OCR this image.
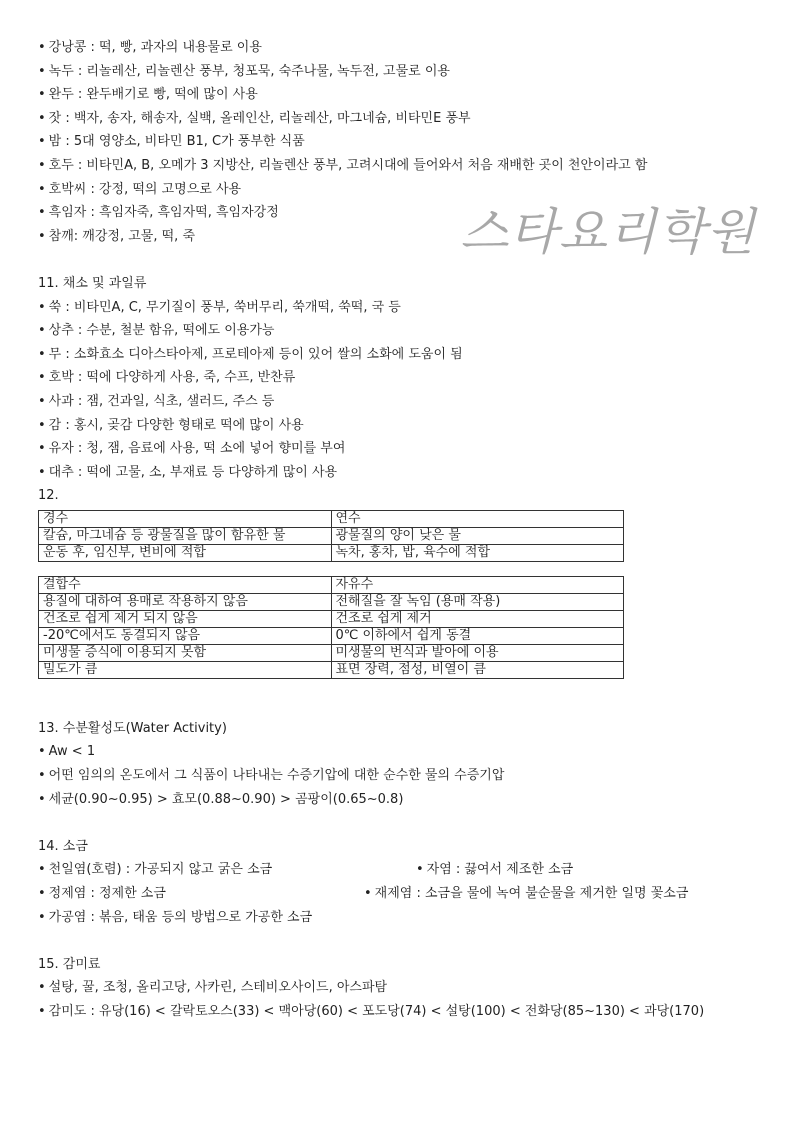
스타요리학원
• 강낭콩 : 떡, 빵, 과자의 내용물로 이용
• 녹두 : 리놀레산, 리놀렌산 풍부, 청포묵, 숙주나물, 녹두전, 고물로 이용
• 완두 : 완두배기로 빵, 떡에 많이 사용
• 잣 : 백자, 송자, 해송자, 실백, 올레인산, 리놀레산, 마그네슘, 비타민E 풍부
• 밤 : 5대 영양소, 비타민 B1, C가 풍부한 식품
• 호두 : 비타민A, B, 오메가 3 지방산, 리놀렌산 풍부, 고려시대에 들어와서 처음 재배한 곳이 천안이라고 함
• 호박씨 : 강정, 떡의 고명으로 사용
• 흑임자 : 흑임자죽, 흑임자떡, 흑임자강정
• 참깨: 깨강정, 고물, 떡, 죽
11. 채소 및 과일류
• 쑥 : 비타민A, C, 무기질이 풍부, 쑥버무리, 쑥개떡, 쑥떡, 국 등
• 상추 : 수분, 철분 함유, 떡에도 이용가능
• 무 : 소화효소 디아스타아제, 프로테아제 등이 있어 쌀의 소화에 도움이 됨
• 호박 : 떡에 다양하게 사용, 죽, 수프, 반찬류
• 사과 : 잼, 건과일, 식초, 샐러드, 주스 등
• 감 : 홍시, 곶감 다양한 형태로 떡에 많이 사용
• 유자 : 청, 잼, 음료에 사용, 떡 소에 넣어 향미를 부여
• 대추 : 떡에 고물, 소, 부재료 등 다양하게 많이 사용
12.
경수	연수
칼슘, 마그네슘 등 광물질을 많이 함유한 물	광물질의 양이 낮은 물
운동 후, 임신부, 변비에 적합	녹차, 홍차, 밥, 육수에 적합
결합수	자유수
용질에 대하여 용매로 작용하지 않음	전해질을 잘 녹임 (용매 작용)
건조로 쉽게 제거 되지 않음	건조로 쉽게 제거
-20℃에서도 동결되지 않음	0℃ 이하에서 쉽게 동결
미생물 증식에 이용되지 못함	미생물의 번식과 발아에 이용
밀도가 큼	표면 장력, 점성, 비열이 큼
13. 수분활성도(Water Activity)
• Aw < 1
• 어떤 임의의 온도에서 그 식품이 나타내는 수증기압에 대한 순수한 물의 수증기압
• 세균(0.90~0.95) > 효모(0.88~0.90) > 곰팡이(0.65~0.8)
14. 소금
• 천일염(호렴) : 가공되지 않고 굵은 소금	• 자염 : 끓여서 제조한 소금
• 정제염 : 정제한 소금	• 재제염 : 소금을 물에 녹여 불순물을 제거한 일명 꽃소금
• 가공염 : 볶음, 태움 등의 방법으로 가공한 소금
15. 감미료
• 설탕, 꿀, 조청, 올리고당, 사카린, 스테비오사이드, 아스파탐
• 감미도 : 유당(16) < 갈락토오스(33) < 맥아당(60) < 포도당(74) < 설탕(100) < 전화당(85~130) < 과당(170)
